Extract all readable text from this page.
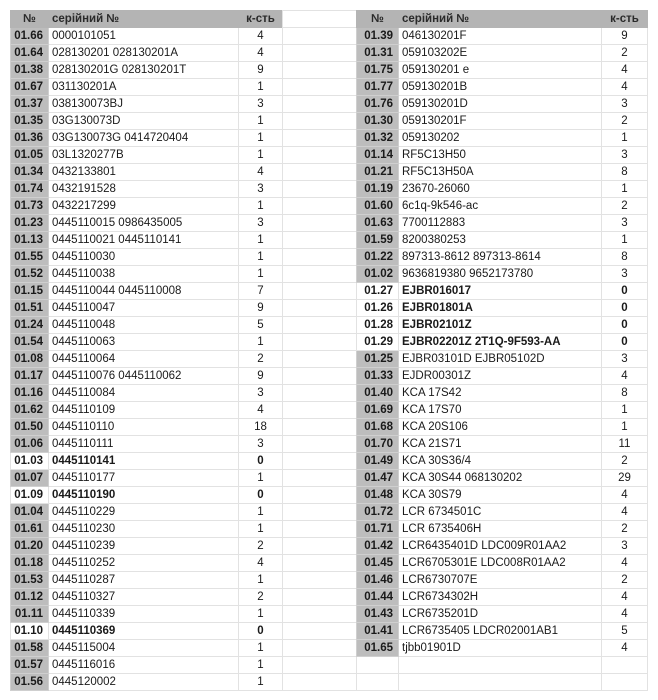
№	серійний №	к-сть
01.66	0000101051	4
01.64	028130201 028130201A	4
01.38	028130201G 028130201T	9
01.67	031130201A	1
01.37	038130073BJ	3
01.35	03G130073D	1
01.36	03G130073G 0414720404	1
01.05	03L1320277B	1
01.34	0432133801	4
01.74	0432191528	3
01.73	0432217299	1
01.23	0445110015 0986435005	3
01.13	0445110021 0445110141	1
01.55	0445110030	1
01.52	0445110038	1
01.15	0445110044 0445110008	7
01.51	0445110047	9
01.24	0445110048	5
01.54	0445110063	1
01.08	0445110064	2
01.17	0445110076 0445110062	9
01.16	0445110084	3
01.62	0445110109	4
01.50	0445110110	18
01.06	0445110111	3
01.03	0445110141	0
01.07	0445110177	1
01.09	0445110190	0
01.04	0445110229	1
01.61	0445110230	1
01.20	0445110239	2
01.18	0445110252	4
01.53	0445110287	1
01.12	0445110327	2
01.11	0445110339	1
01.10	0445110369	0
01.58	0445115004	1
01.57	0445116016	1
01.56	0445120002	1

№	серійний №	к-сть
01.39	046130201F	9
01.31	059103202E	2
01.75	059130201 e	4
01.77	059130201B	4
01.76	059130201D	3
01.30	059130201F	2
01.32	059130202	1
01.14	RF5C13H50	3
01.21	RF5C13H50A	8
01.19	23670-26060	1
01.60	6c1q-9k546-ac	2
01.63	7700112883	3
01.59	8200380253	1
01.22	897313-8612 897313-8614	8
01.02	9636819380 9652173780	3
01.27	EJBR016017	0
01.26	EJBR01801A	0
01.28	EJBR02101Z	0
01.29	EJBR02201Z 2T1Q-9F593-AA	0
01.25	EJBR03101D EJBR05102D	3
01.33	EJDR00301Z	4
01.40	KCA 17S42	8
01.69	KCA 17S70	1
01.68	KCA 20S106	1
01.70	KCA 21S71	11
01.49	KCA 30S36/4	2
01.47	KCA 30S44 068130202	29
01.48	KCA 30S79	4
01.72	LCR 6734501C	4
01.71	LCR 6735406H	2
01.42	LCR6435401D LDC009R01AA2	3
01.45	LCR6705301E LDC008R01AA2	4
01.46	LCR6730707E	2
01.44	LCR6734302H	4
01.43	LCR6735201D	4
01.41	LCR6735405 LDCR02001AB1	5
01.65	tjbb01901D	4
